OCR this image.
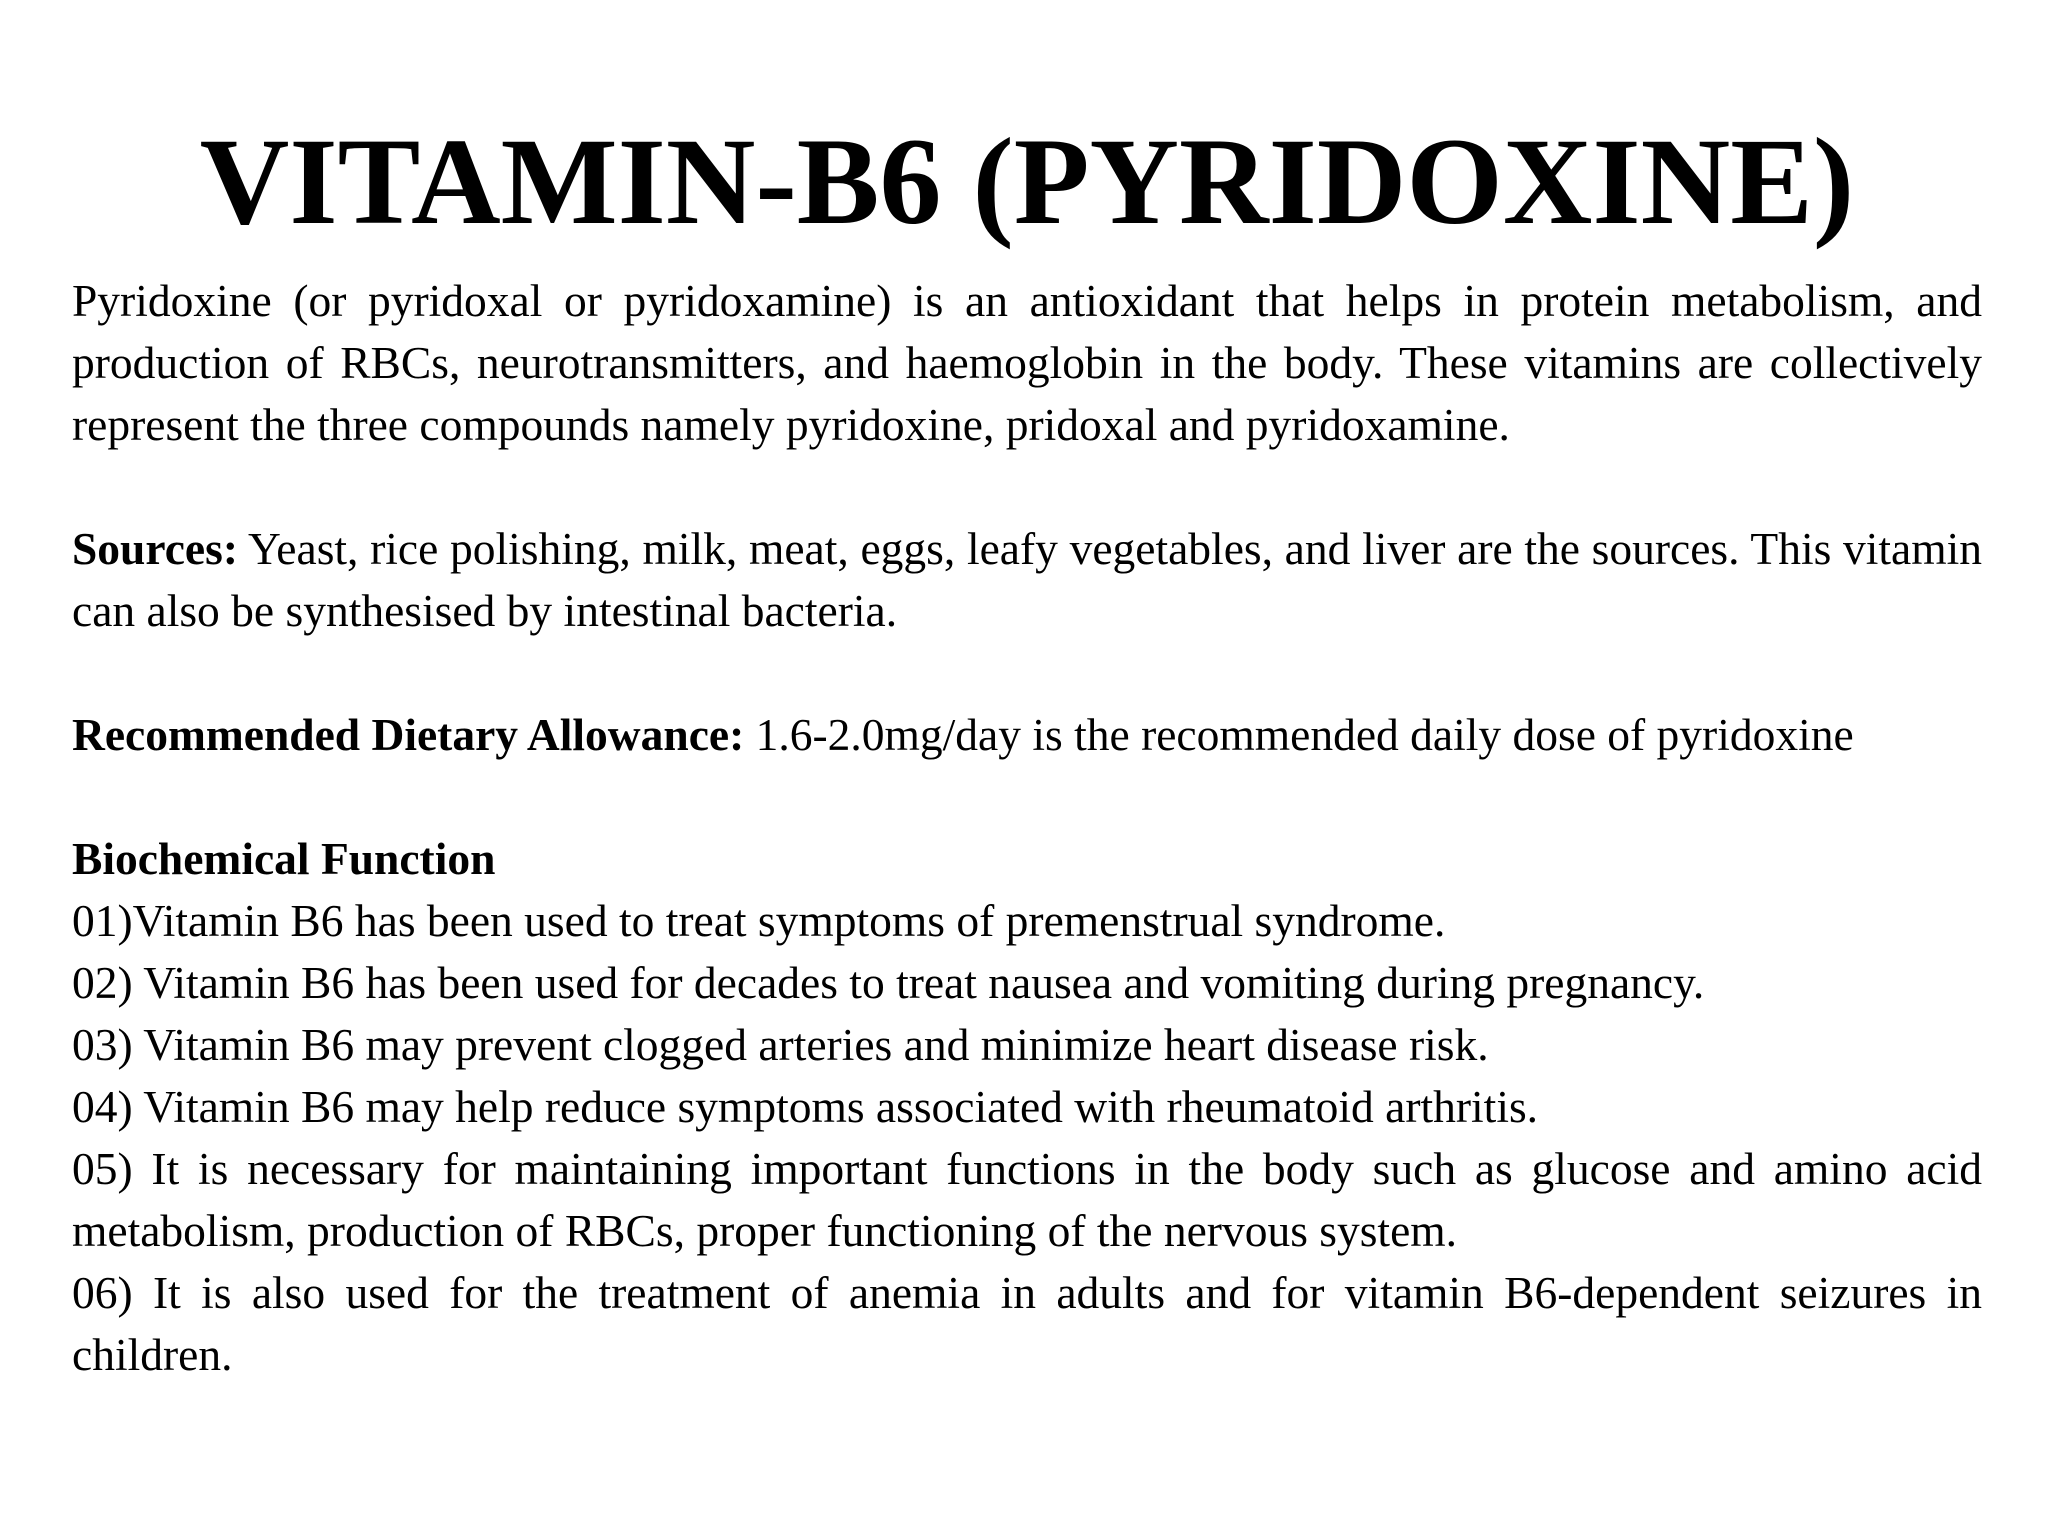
VITAMIN-B6 (PYRIDOXINE)

Pyridoxine (or pyridoxal or pyridoxamine) is an antioxidant that helps in protein metabolism, and production of RBCs, neurotransmitters, and haemoglobin in the body. These vitamins are collectively represent the three compounds namely pyridoxine, pridoxal and pyridoxamine.

Sources: Yeast, rice polishing, milk, meat, eggs, leafy vegetables, and liver are the sources. This vitamin can also be synthesised by intestinal bacteria.

Recommended Dietary Allowance: 1.6-2.0mg/day is the recommended daily dose of pyridoxine

Biochemical Function

01)Vitamin B6 has been used to treat symptoms of premenstrual syndrome.
02) Vitamin B6 has been used for decades to treat nausea and vomiting during pregnancy.
03) Vitamin B6 may prevent clogged arteries and minimize heart disease risk.
04) Vitamin B6 may help reduce symptoms associated with rheumatoid arthritis.
05) It is necessary for maintaining important functions in the body such as glucose and amino acid metabolism, production of RBCs, proper functioning of the nervous system.
06) It is also used for the treatment of anemia in adults and for vitamin B6-dependent seizures in children.
